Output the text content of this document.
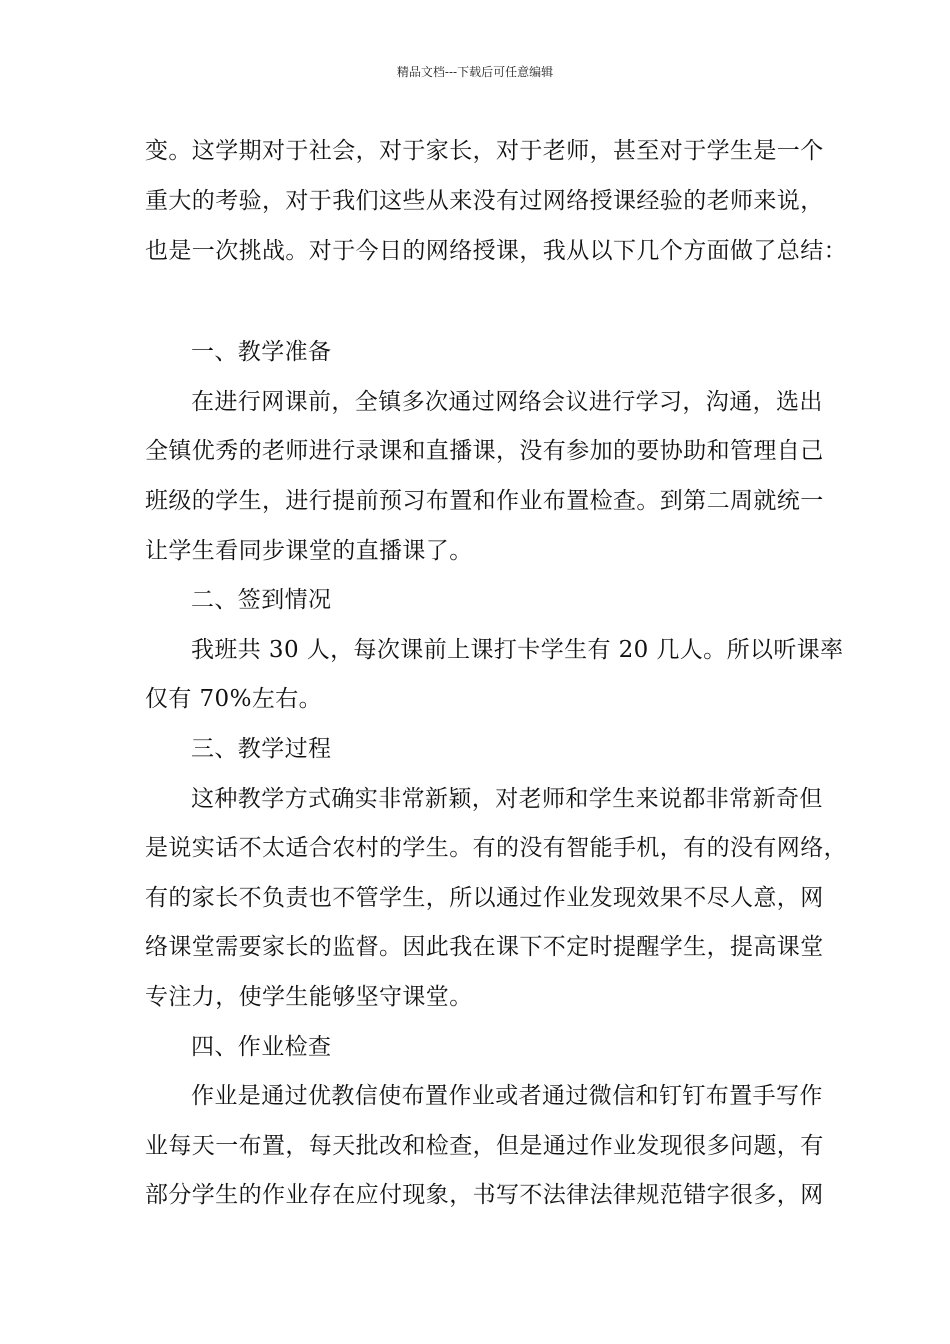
精品文档---下载后可任意编辑
变。这学期对于社会，对于家长，对于老师，甚至对于学生是一个
重大的考验，对于我们这些从来没有过网络授课经验的老师来说，
也是一次挑战。对于今日的网络授课，我从以下几个方面做了总结：
一、教学准备
在进行网课前，全镇多次通过网络会议进行学习，沟通，选出
全镇优秀的老师进行录课和直播课，没有参加的要协助和管理自己
班级的学生，进行提前预习布置和作业布置检查。到第二周就统一
让学生看同步课堂的直播课了。
二、签到情况
我班共 30 人，每次课前上课打卡学生有 20 几人。所以听课率
仅有 70%左右。
三、教学过程
这种教学方式确实非常新颖，对老师和学生来说都非常新奇但
是说实话不太适合农村的学生。有的没有智能手机，有的没有网络，
有的家长不负责也不管学生，所以通过作业发现效果不尽人意，网
络课堂需要家长的监督。因此我在课下不定时提醒学生，提高课堂
专注力，使学生能够坚守课堂。
四、作业检查
作业是通过优教信使布置作业或者通过微信和钉钉布置手写作
业每天一布置，每天批改和检查，但是通过作业发现很多问题，有
部分学生的作业存在应付现象，书写不法律法律规范错字很多，网
